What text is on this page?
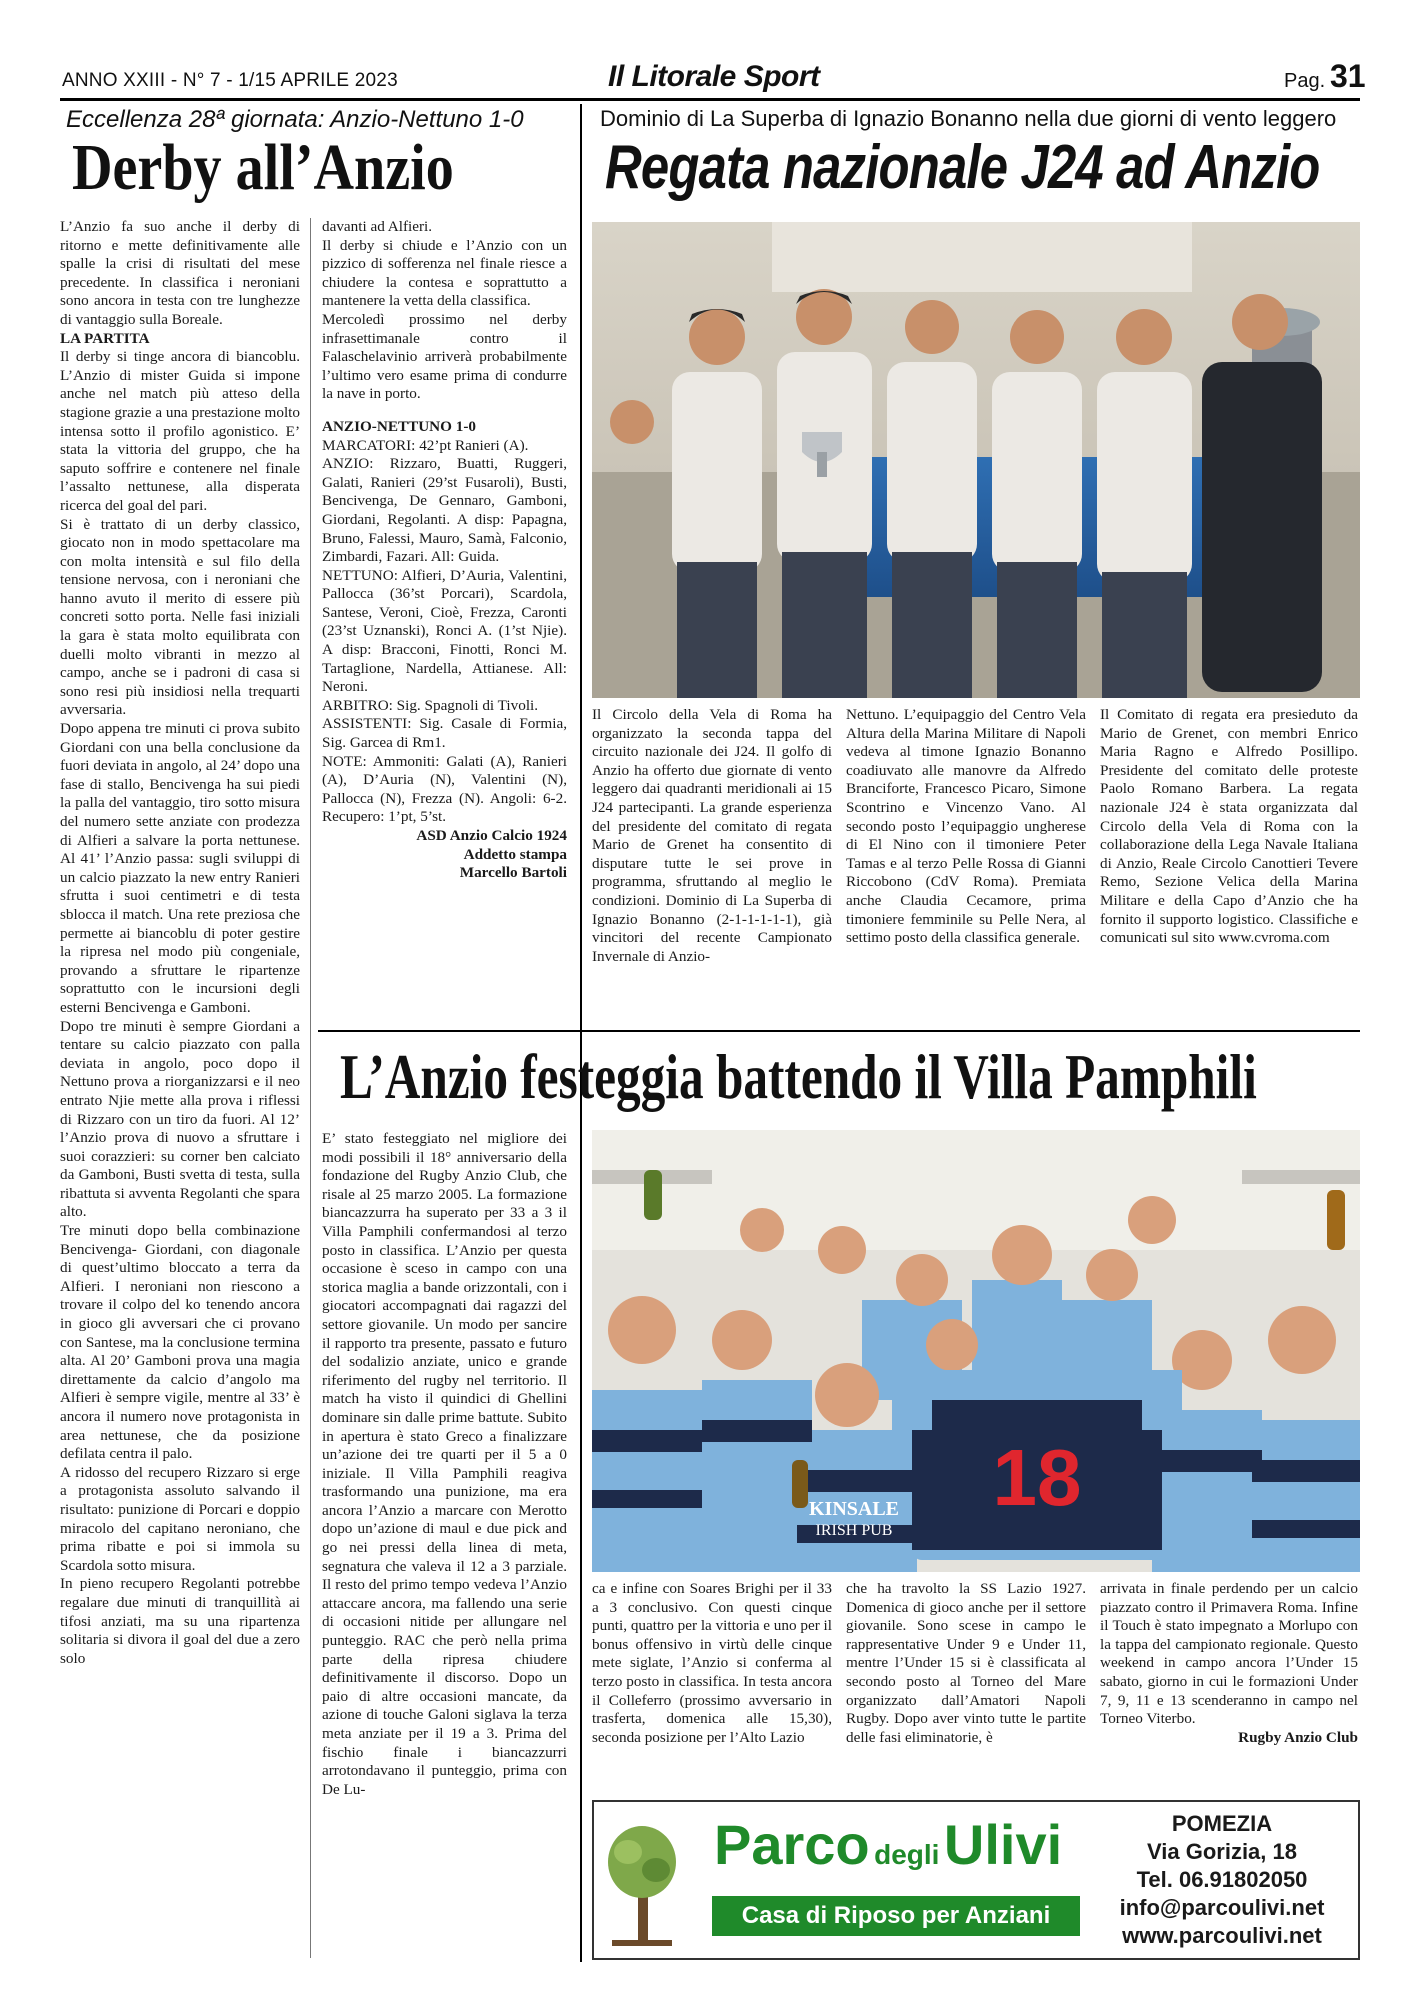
ANNO XXIII - N° 7 - 1/15 APRILE 2023	Il Litorale Sport	Pag. 31
Eccellenza 28ª giornata: Anzio-Nettuno 1-0
Derby all’Anzio

L’Anzio fa suo anche il derby di ritorno e mette definitivamente alle spalle la crisi di risultati del mese precedente. In classifica i neroniani sono ancora in testa con tre lunghezze di vantaggio sulla Boreale.

LA PARTITA

Il derby si tinge ancora di biancoblu. L’Anzio di mister Guida si impone anche nel match più atteso della stagione grazie a una prestazione molto intensa sotto il profilo agonistico. E’ stata la vittoria del gruppo, che ha saputo soffrire e contenere nel finale l’assalto nettunese, alla disperata ricerca del goal del pari.

Si è trattato di un derby classico, giocato non in modo spettacolare ma con molta intensità e sul filo della tensione nervosa, con i neroniani che hanno avuto il merito di essere più concreti sotto porta. Nelle fasi iniziali la gara è stata molto equilibrata con duelli molto vibranti in mezzo al campo, anche se i padroni di casa si sono resi più insidiosi nella trequarti avversaria.

Dopo appena tre minuti ci prova subito Giordani con una bella conclusione da fuori deviata in angolo, al 24’ dopo una fase di stallo, Bencivenga ha sui piedi la palla del vantaggio, tiro sotto misura del numero sette anziate con prodezza di Alfieri a salvare la porta nettunese. Al 41’ l’Anzio passa: sugli sviluppi di un calcio piazzato la new entry Ranieri sfrutta i suoi centimetri e di testa sblocca il match. Una rete preziosa che permette ai biancoblu di poter gestire la ripresa nel modo più congeniale, provando a sfruttare le ripartenze soprattutto con le incursioni degli esterni Bencivenga e Gamboni.

Dopo tre minuti è sempre Giordani a tentare su calcio piazzato con palla deviata in angolo, poco dopo il Nettuno prova a riorganizzarsi e il neo entrato Njie mette alla prova i riflessi di Rizzaro con un tiro da fuori. Al 12’ l’Anzio prova di nuovo a sfruttare i suoi corazzieri: su corner ben calciato da Gamboni, Busti svetta di testa, sulla ribattuta si avventa Regolanti che spara alto.

Tre minuti dopo bella combinazione Bencivenga- Giordani, con diagonale di quest’ultimo bloccato a terra da Alfieri. I neroniani non riescono a trovare il colpo del ko tenendo ancora in gioco gli avversari che ci provano con Santese, ma la conclusione termina alta. Al 20’ Gamboni prova una magia direttamente da calcio d’angolo ma Alfieri è sempre vigile, mentre al 33’ è ancora il numero nove protagonista in area nettunese, che da posizione defilata centra il palo.

A ridosso del recupero Rizzaro si erge a protagonista assoluto salvando il risultato: punizione di Porcari e doppio miracolo del capitano neroniano, che prima ribatte e poi si immola su Scardola sotto misura.

In pieno recupero Regolanti potrebbe regalare due minuti di tranquillità ai tifosi anziati, ma su una ripartenza solitaria si divora il goal del due a zero solo

davanti ad Alfieri.

Il derby si chiude e l’Anzio con un pizzico di sofferenza nel finale riesce a chiudere la contesa e soprattutto a mantenere la vetta della classifica.

Mercoledì prossimo nel derby infrasettimanale contro il Falaschelavinio arriverà probabilmente l’ultimo vero esame prima di condurre la nave in porto.

ANZIO-NETTUNO 1-0

MARCATORI: 42’pt Ranieri (A).

ANZIO: Rizzaro, Buatti, Ruggeri, Galati, Ranieri (29’st Fusaroli), Busti, Bencivenga, De Gennaro, Gamboni, Giordani, Regolanti. A disp: Papagna, Bruno, Falessi, Mauro, Samà, Falconio, Zimbardi, Fazari. All: Guida.

NETTUNO: Alfieri, D’Auria, Valentini, Pallocca (36’st Porcari), Scardola, Santese, Veroni, Cioè, Frezza, Caronti (23’st Uznanski), Ronci A. (1’st Njie). A disp: Bracconi, Finotti, Ronci M. Tartaglione, Nardella, Attianese. All: Neroni.

ARBITRO: Sig. Spagnoli di Tivoli.

ASSISTENTI: Sig. Casale di Formia, Sig. Garcea di Rm1.

NOTE: Ammoniti: Galati (A), Ranieri (A), D’Auria (N), Valentini (N), Pallocca (N), Frezza (N). Angoli: 6-2. Recupero: 1’pt, 5’st.

ASD Anzio Calcio 1924

Addetto stampa

Marcello Bartoli

Dominio di La Superba di Ignazio Bonanno nella due giorni di vento leggero
Regata nazionale J24 ad Anzio
Il Circolo della Vela di Roma ha organizzato la seconda tappa del circuito nazionale dei J24. Il golfo di Anzio ha offerto due giornate di vento leggero dai quadranti meridionali ai 15 J24 partecipanti. La grande esperienza del presidente del comitato di regata Mario de Grenet ha consentito di disputare tutte le sei prove in programma, sfruttando al meglio le condizioni. Dominio di La Superba di Ignazio Bonanno (2-1-1-1-1-1), già vincitori del recente Campionato Invernale di Anzio-
Nettuno. L’equipaggio del Centro Vela Altura della Marina Militare di Napoli vedeva al timone Ignazio Bonanno coadiuvato alle manovre da Alfredo Branciforte, Francesco Picaro, Simone Scontrino e Vincenzo Vano. Al secondo posto l’equipaggio ungherese di El Nino con il timoniere Peter Tamas e al terzo Pelle Rossa di Gianni Riccobono (CdV Roma). Premiata anche Claudia Cecamore, prima timoniere femminile su Pelle Nera, al settimo posto della classifica generale.
Il Comitato di regata era presieduto da Mario de Grenet, con membri Enrico Maria Ragno e Alfredo Posillipo. Presidente del comitato delle proteste Paolo Romano Barbera. La regata nazionale J24 è stata organizzata dal Circolo della Vela di Roma con la collaborazione della Lega Navale Italiana di Anzio, Reale Circolo Canottieri Tevere Remo, Sezione Velica della Marina Militare e della Capo d’Anzio che ha fornito il supporto logistico. Classifiche e comunicati sul sito www.cvroma.com
L’Anzio festeggia battendo il Villa Pamphili
E’ stato festeggiato nel migliore dei modi possibili il 18° anniversario della fondazione del Rugby Anzio Club, che risale al 25 marzo 2005. La formazione biancazzurra ha superato per 33 a 3 il Villa Pamphili confermandosi al terzo posto in classifica. L’Anzio per questa occasione è sceso in campo con una storica maglia a bande orizzontali, con i giocatori accompagnati dai ragazzi del settore giovanile. Un modo per sancire il rapporto tra presente, passato e futuro del sodalizio anziate, unico e grande riferimento del rugby nel territorio. Il match ha visto il quindici di Ghellini dominare sin dalle prime battute. Subito in apertura è stato Greco a finalizzare un’azione dei tre quarti per il 5 a 0 iniziale. Il Villa Pamphili reagiva trasformando una punizione, ma era ancora l’Anzio a marcare con Merotto dopo un’azione di maul e due pick and go nei pressi della linea di meta, segnatura che valeva il 12 a 3 parziale. Il resto del primo tempo vedeva l’Anzio attaccare ancora, ma fallendo una serie di occasioni nitide per allungare nel punteggio. RAC che però nella prima parte della ripresa chiudere definitivamente il discorso. Dopo un paio di altre occasioni mancate, da azione di touche Galoni siglava la terza meta anziate per il 19 a 3. Prima del fischio finale i biancazzurri arrotondavano il punteggio, prima con De Lu-
18
KINSALE
IRISH PUB
ca e infine con Soares Brighi per il 33 a 3 conclusivo. Con questi cinque punti, quattro per la vittoria e uno per il bonus offensivo in virtù delle cinque mete siglate, l’Anzio si conferma al terzo posto in classifica. In testa ancora il Colleferro (prossimo avversario in trasferta, domenica alle 15,30), seconda posizione per l’Alto Lazio
che ha travolto la SS Lazio 1927. Domenica di gioco anche per il settore giovanile. Sono scese in campo le rappresentative Under 9 e Under 11, mentre l’Under 15 si è classificata al secondo posto al Torneo del Mare organizzato dall’Amatori Napoli Rugby. Dopo aver vinto tutte le partite delle fasi eliminatorie, è

arrivata in finale perdendo per un calcio piazzato contro il Primavera Roma. Infine il Touch è stato impegnato a Morlupo con la tappa del campionato regionale. Questo weekend in campo ancora l’Under 15 sabato, giorno in cui le formazioni Under 7, 9, 11 e 13 scenderanno in campo nel Torneo Viterbo.

Rugby Anzio Club

Parco degli Ulivi
Casa di Riposo per Anziani
POMEZIA
Via Gorizia, 18
Tel. 06.91802050
info@parcoulivi.net
www.parcoulivi.net
